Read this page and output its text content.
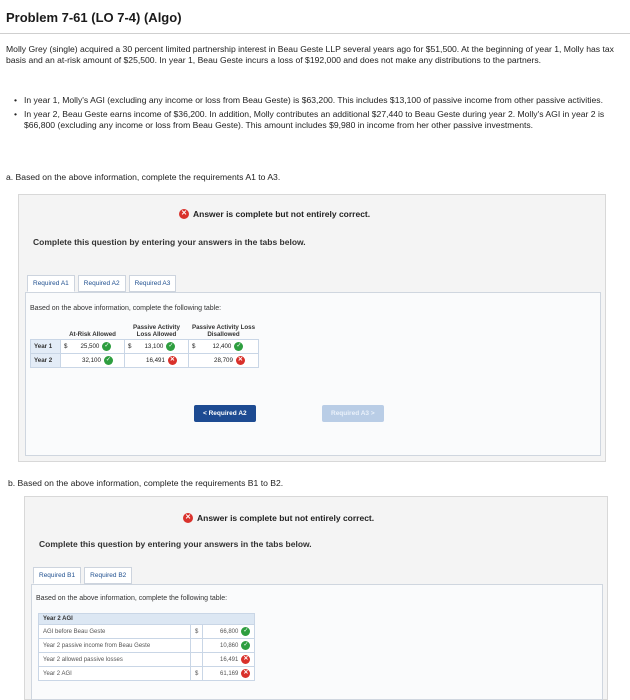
Problem 7-61 (LO 7-4) (Algo)
Molly Grey (single) acquired a 30 percent limited partnership interest in Beau Geste LLP several years ago for $51,500. At the beginning of year 1, Molly has tax basis and an at-risk amount of $25,500. In year 1, Beau Geste incurs a loss of $192,000 and does not make any distributions to the partners.
• In year 1, Molly's AGI (excluding any income or loss from Beau Geste) is $63,200. This includes $13,100 of passive income from other passive activities.
• In year 2, Beau Geste earns income of $36,200. In addition, Molly contributes an additional $27,440 to Beau Geste during year 2. Molly's AGI in year 2 is $66,800 (excluding any income or loss from Beau Geste). This amount includes $9,980 in income from her other passive investments.
a. Based on the above information, complete the requirements A1 to A3.
✕ Answer is complete but not entirely correct.
Complete this question by entering your answers in the tabs below.
Required A1	Required A2	Required A3
Based on the above information, complete the following table:
	At-Risk Allowed	Passive Activity Loss Allowed	Passive Activity Loss Disallowed
Year 1	$ 25,500 ✓	$ 13,100 ✓	$ 12,400 ✓

Year 2	32,100 ✓	16,491 ✕	28,709 ✕
< Required A2	Required A3 >
b. Based on the above information, complete the requirements B1 to B2.
✕ Answer is complete but not entirely correct.
Complete this question by entering your answers in the tabs below.
Required B1	Required B2
Based on the above information, complete the following table:
Year 2 AGI		
AGI before Beau Geste	$	66,800 ✓

Year 2 passive income from Beau Geste		10,860 ✓

Year 2 allowed passive losses		16,491 ✕

Year 2 AGI	$	61,169 ✕
